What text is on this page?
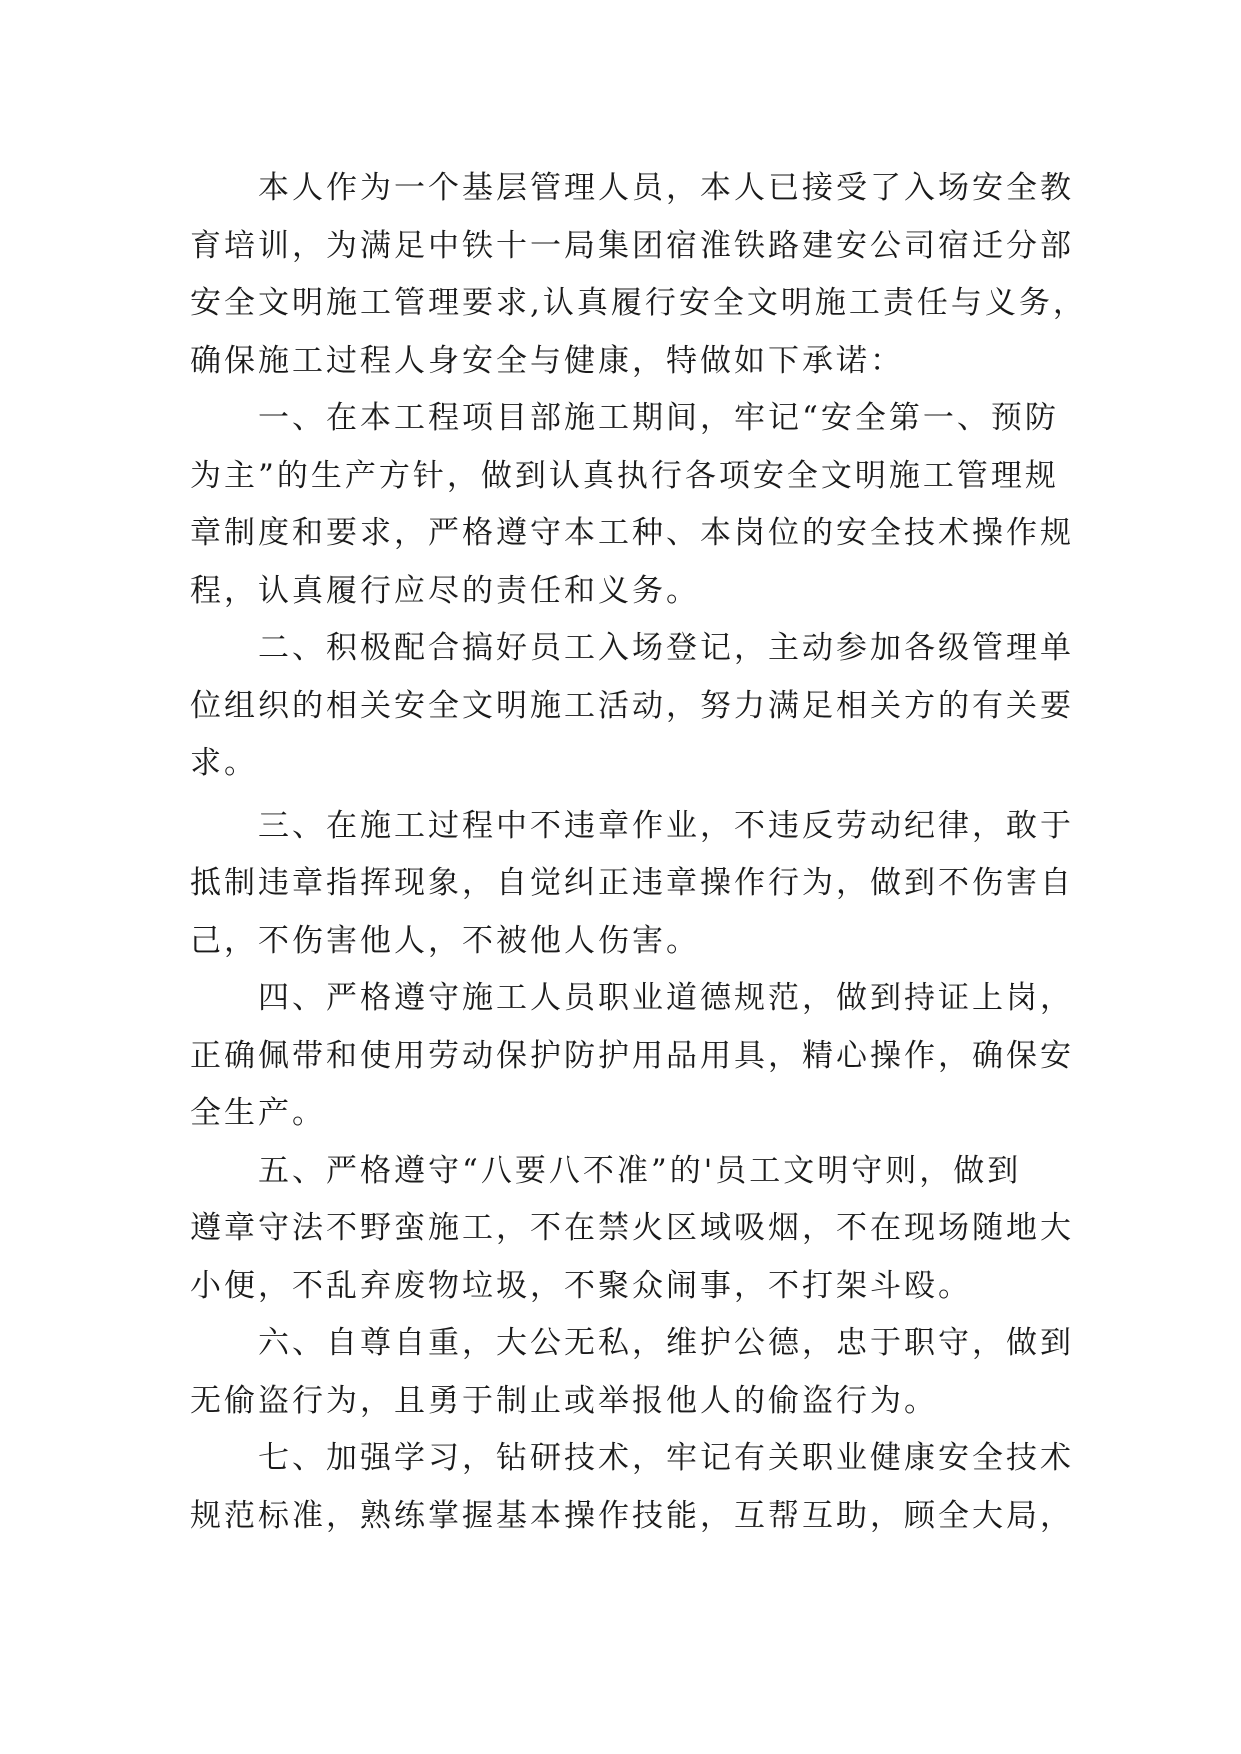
本人作为一个基层管理人员，本人已接受了入场安全教
育培训，为满足中铁十一局集团宿淮铁路建安公司宿迁分部
安全文明施工管理要求,认真履行安全文明施工责任与义务，
确保施工过程人身安全与健康，特做如下承诺：
一、在本工程项目部施工期间，牢记“安全第一、预防
为主”的生产方针，做到认真执行各项安全文明施工管理规
章制度和要求，严格遵守本工种、本岗位的安全技术操作规
程，认真履行应尽的责任和义务。
二、积极配合搞好员工入场登记，主动参加各级管理单
位组织的相关安全文明施工活动，努力满足相关方的有关要
求。
三、在施工过程中不违章作业，不违反劳动纪律，敢于
抵制违章指挥现象，自觉纠正违章操作行为，做到不伤害自
己，不伤害他人，不被他人伤害。
四、严格遵守施工人员职业道德规范，做到持证上岗，
正确佩带和使用劳动保护防护用品用具，精心操作，确保安
全生产。
五、严格遵守“八要八不准”的'员工文明守则，做到
遵章守法不野蛮施工，不在禁火区域吸烟，不在现场随地大
小便，不乱弃废物垃圾，不聚众闹事，不打架斗殴。
六、自尊自重，大公无私，维护公德，忠于职守，做到
无偷盗行为，且勇于制止或举报他人的偷盗行为。
七、加强学习，钻研技术，牢记有关职业健康安全技术
规范标准，熟练掌握基本操作技能，互帮互助，顾全大局，
